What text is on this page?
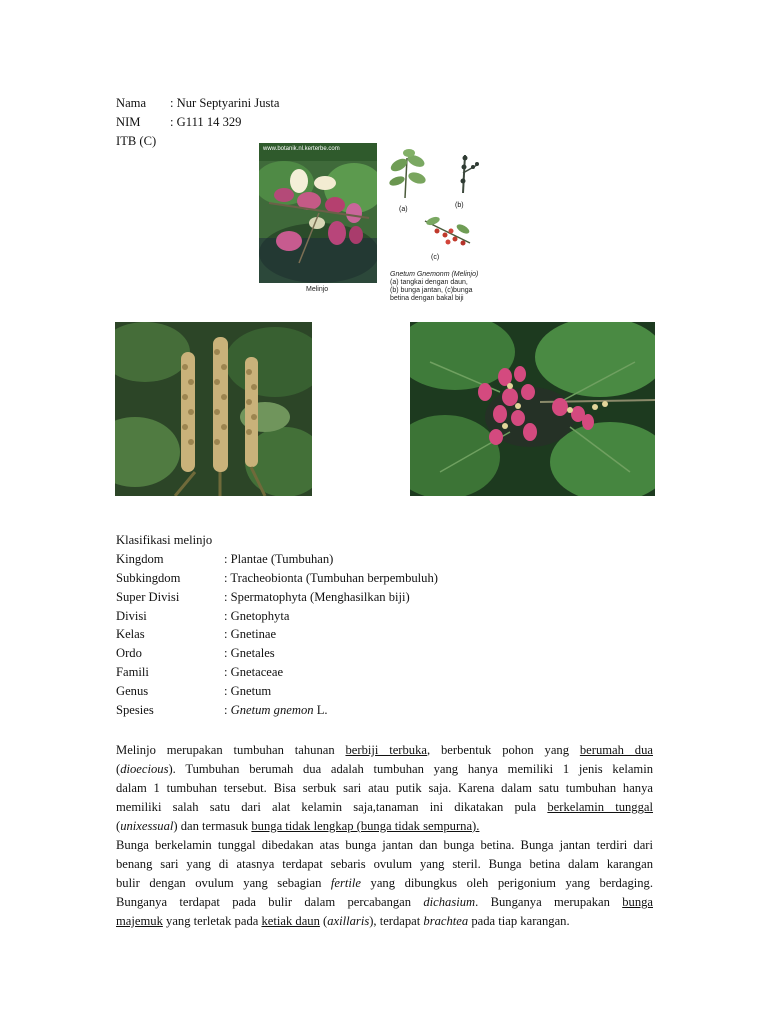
Nama : Nur Septyarini Justa
NIM : G111 14 329
ITB (C)
www.botanik.nl.kerterbe.com
Melinjo
(a)
(b)
(c)
Gnetum Gnemonm (Melinjo)
(a) tangkai dengan daun,
(b) bunga jantan, (c)bunga
betina dengan bakal biji
Klasifikasi melinjo
Kingdom	: Plantae (Tumbuhan)
Subkingdom	: Tracheobionta (Tumbuhan berpembuluh)
Super Divisi	: Spermatophyta (Menghasilkan biji)
Divisi	: Gnetophyta
Kelas	: Gnetinae
Ordo	: Gnetales
Famili	: Gnetaceae
Genus	: Gnetum
Spesies	: Gnetum gnemon L.
Melinjo merupakan tumbuhan tahunan berbiji terbuka, berbentuk pohon yang berumah dua
(dioecious). Tumbuhan berumah dua adalah tumbuhan yang hanya memiliki 1 jenis kelamin
dalam 1 tumbuhan tersebut. Bisa serbuk sari atau putik saja. Karena dalam satu tumbuhan hanya
memiliki salah satu dari alat kelamin saja,tanaman ini dikatakan pula berkelamin tunggal
(unixessual) dan termasuk bunga tidak lengkap (bunga tidak sempurna).
Bunga berkelamin tunggal dibedakan atas bunga jantan dan bunga betina. Bunga jantan terdiri dari
benang sari yang di atasnya terdapat sebaris ovulum yang steril. Bunga betina dalam karangan
bulir dengan ovulum yang sebagian fertile yang dibungkus oleh perigonium yang berdaging.
Bunganya terdapat pada bulir dalam percabangan dichasium. Bunganya merupakan bunga
majemuk yang terletak pada ketiak daun (axillaris), terdapat brachtea pada tiap karangan.
